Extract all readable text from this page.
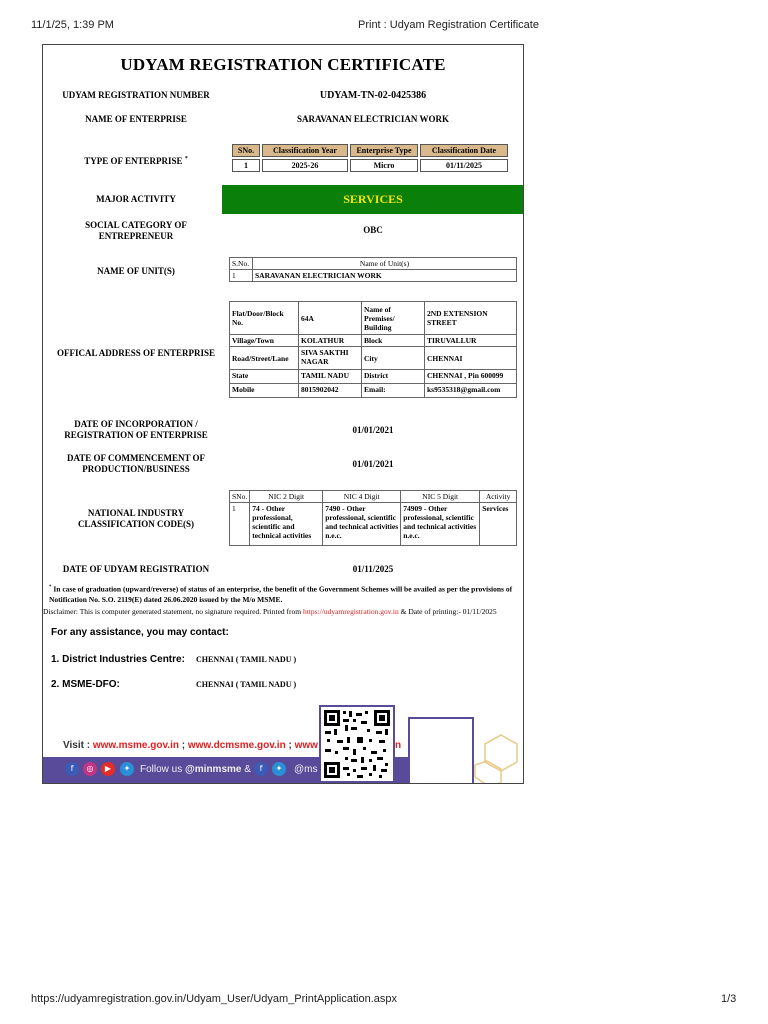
11/1/25, 1:39 PM	Print : Udyam Registration Certificate
UDYAM REGISTRATION CERTIFICATE
UDYAM REGISTRATION NUMBER	UDYAM-TN-02-0425386
NAME OF ENTERPRISE	SARAVANAN ELECTRICIAN WORK
TYPE OF ENTERPRISE *
SNo.	Classification Year	Enterprise Type	Classification Date
1	2025-26	Micro	01/11/2025
MAJOR ACTIVITY	SERVICES
SOCIAL CATEGORY OF ENTREPRENEUR
OBC
NAME OF UNIT(S)
S.No.	Name of Unit(s)
1	SARAVANAN ELECTRICIAN WORK
OFFICAL ADDRESS OF ENTERPRISE
Flat/Door/Block No.	64A	Name of Premises/ Building	2ND EXTENSION STREET
Village/Town	KOLATHUR	Block	TIRUVALLUR
Road/Street/Lane	SIVA SAKTHI NAGAR	City	CHENNAI
State	TAMIL NADU	District	CHENNAI , Pin 600099
Mobile	8015902042	Email:	ks9535318@gmail.com
DATE OF INCORPORATION / REGISTRATION OF ENTERPRISE	01/01/2021
DATE OF COMMENCEMENT OF PRODUCTION/BUSINESS	01/01/2021
NATIONAL INDUSTRY CLASSIFICATION CODE(S)
SNo.	NIC 2 Digit	NIC 4 Digit	NIC 5 Digit	Activity
1	74 - Other professional, scientific and technical activities	7490 - Other professional, scientific and technical activities n.e.c.	74909 - Other professional, scientific and technical activities n.e.c.	Services
DATE OF UDYAM REGISTRATION	01/11/2025
* In case of graduation (upward/reverse) of status of an enterprise, the benefit of the Government Schemes will be availed as per the provisions of Notification No. S.O. 2119(E) dated 26.06.2020 issued by the M/o MSME.
Disclaimer: This is computer generated statement, no signature required. Printed from https://udyamregistration.gov.in & Date of printing:- 01/11/2025
For any assistance, you may contact:
1. District Industries Centre: CHENNAI ( TAMIL NADU )
2. MSME-DFO:	CHENNAI ( TAMIL NADU )
Visit : www.msme.gov.in ; www.dcmsme.gov.in ; www	n
f	◎	▶	✦ Follow us @minmsme &	f	✦	@ms
https://udyamregistration.gov.in/Udyam_User/Udyam_PrintApplication.aspx	1/3
